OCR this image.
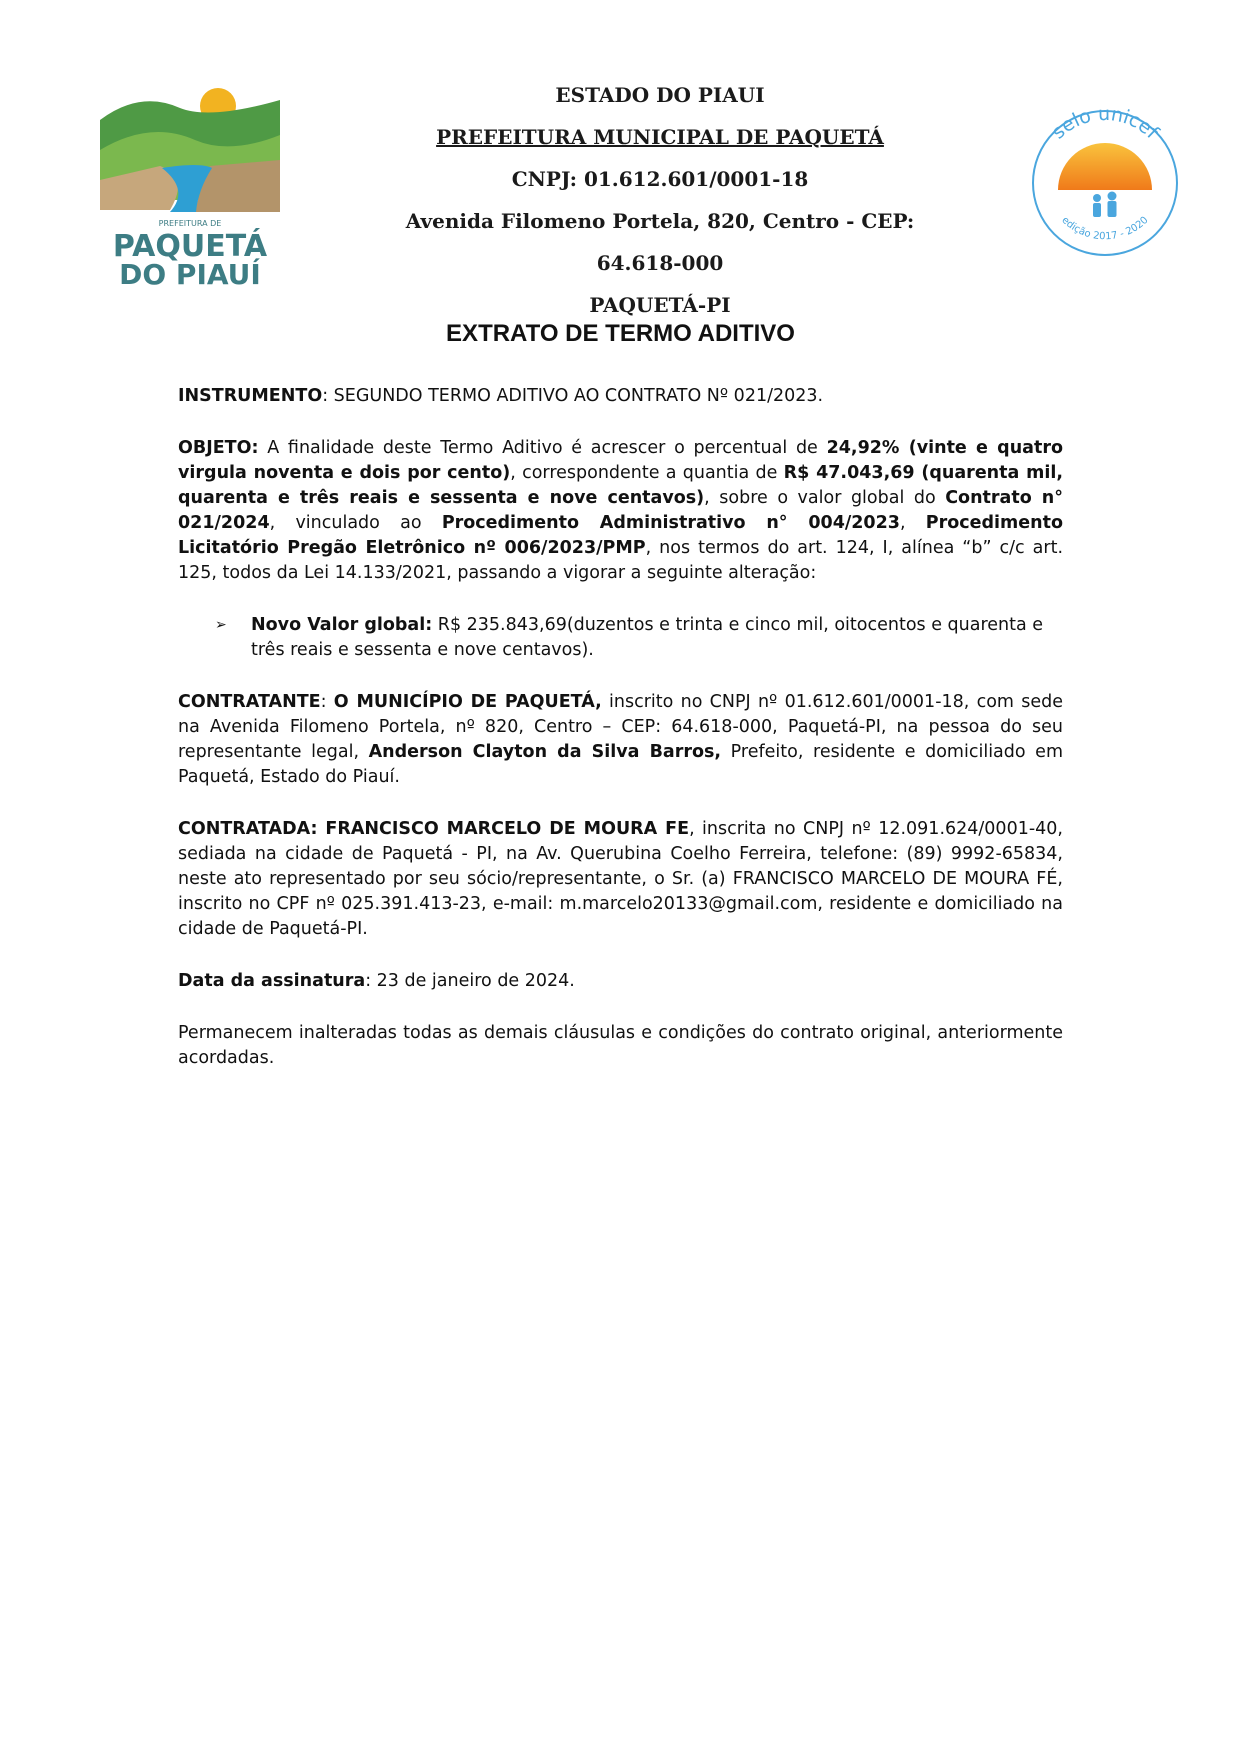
PREFEITURA DE
PAQUETÁ
DO PIAUÍ
ESTADO DO PIAUI
PREFEITURA MUNICIPAL DE PAQUETÁ
CNPJ: 01.612.601/0001-18
Avenida Filomeno Portela, 820, Centro - CEP: 64.618-000
PAQUETÁ-PI
selo unicef
edição 2017 - 2020
EXTRATO DE TERMO ADITIVO

INSTRUMENTO: SEGUNDO TERMO ADITIVO AO CONTRATO Nº 021/2023.

OBJETO: A finalidade deste Termo Aditivo é acrescer o percentual de 24,92% (vinte e quatro virgula noventa e dois por cento), correspondente a quantia de R$ 47.043,69 (quarenta mil, quarenta e três reais e sessenta e nove centavos), sobre o valor global do Contrato n° 021/2024, vinculado ao Procedimento Administrativo n° 004/2023, Procedimento Licitatório Pregão Eletrônico nº 006/2023/PMP, nos termos do art. 124, I, alínea “b” c/c art. 125, todos da Lei 14.133/2021, passando a vigorar a seguinte alteração:

➢	Novo Valor global: R$ 235.843,69(duzentos e trinta e cinco mil, oitocentos e quarenta e três reais e sessenta e nove centavos).

CONTRATANTE: O MUNICÍPIO DE PAQUETÁ, inscrito no CNPJ nº 01.612.601/0001-18, com sede na Avenida Filomeno Portela, nº 820, Centro – CEP: 64.618-000, Paquetá-PI, na pessoa do seu representante legal, Anderson Clayton da Silva Barros, Prefeito, residente e domiciliado em Paquetá, Estado do Piauí.

CONTRATADA: FRANCISCO MARCELO DE MOURA FE, inscrita no CNPJ nº 12.091.624/0001-40, sediada na cidade de Paquetá - PI, na Av. Querubina Coelho Ferreira, telefone: (89) 9992-65834, neste ato representado por seu sócio/representante, o Sr. (a) FRANCISCO MARCELO DE MOURA FÉ, inscrito no CPF nº 025.391.413-23, e-mail: m.marcelo20133@gmail.com, residente e domiciliado na cidade de Paquetá-PI.

Data da assinatura: 23 de janeiro de 2024.

Permanecem inalteradas todas as demais cláusulas e condições do contrato original, anteriormente acordadas.
